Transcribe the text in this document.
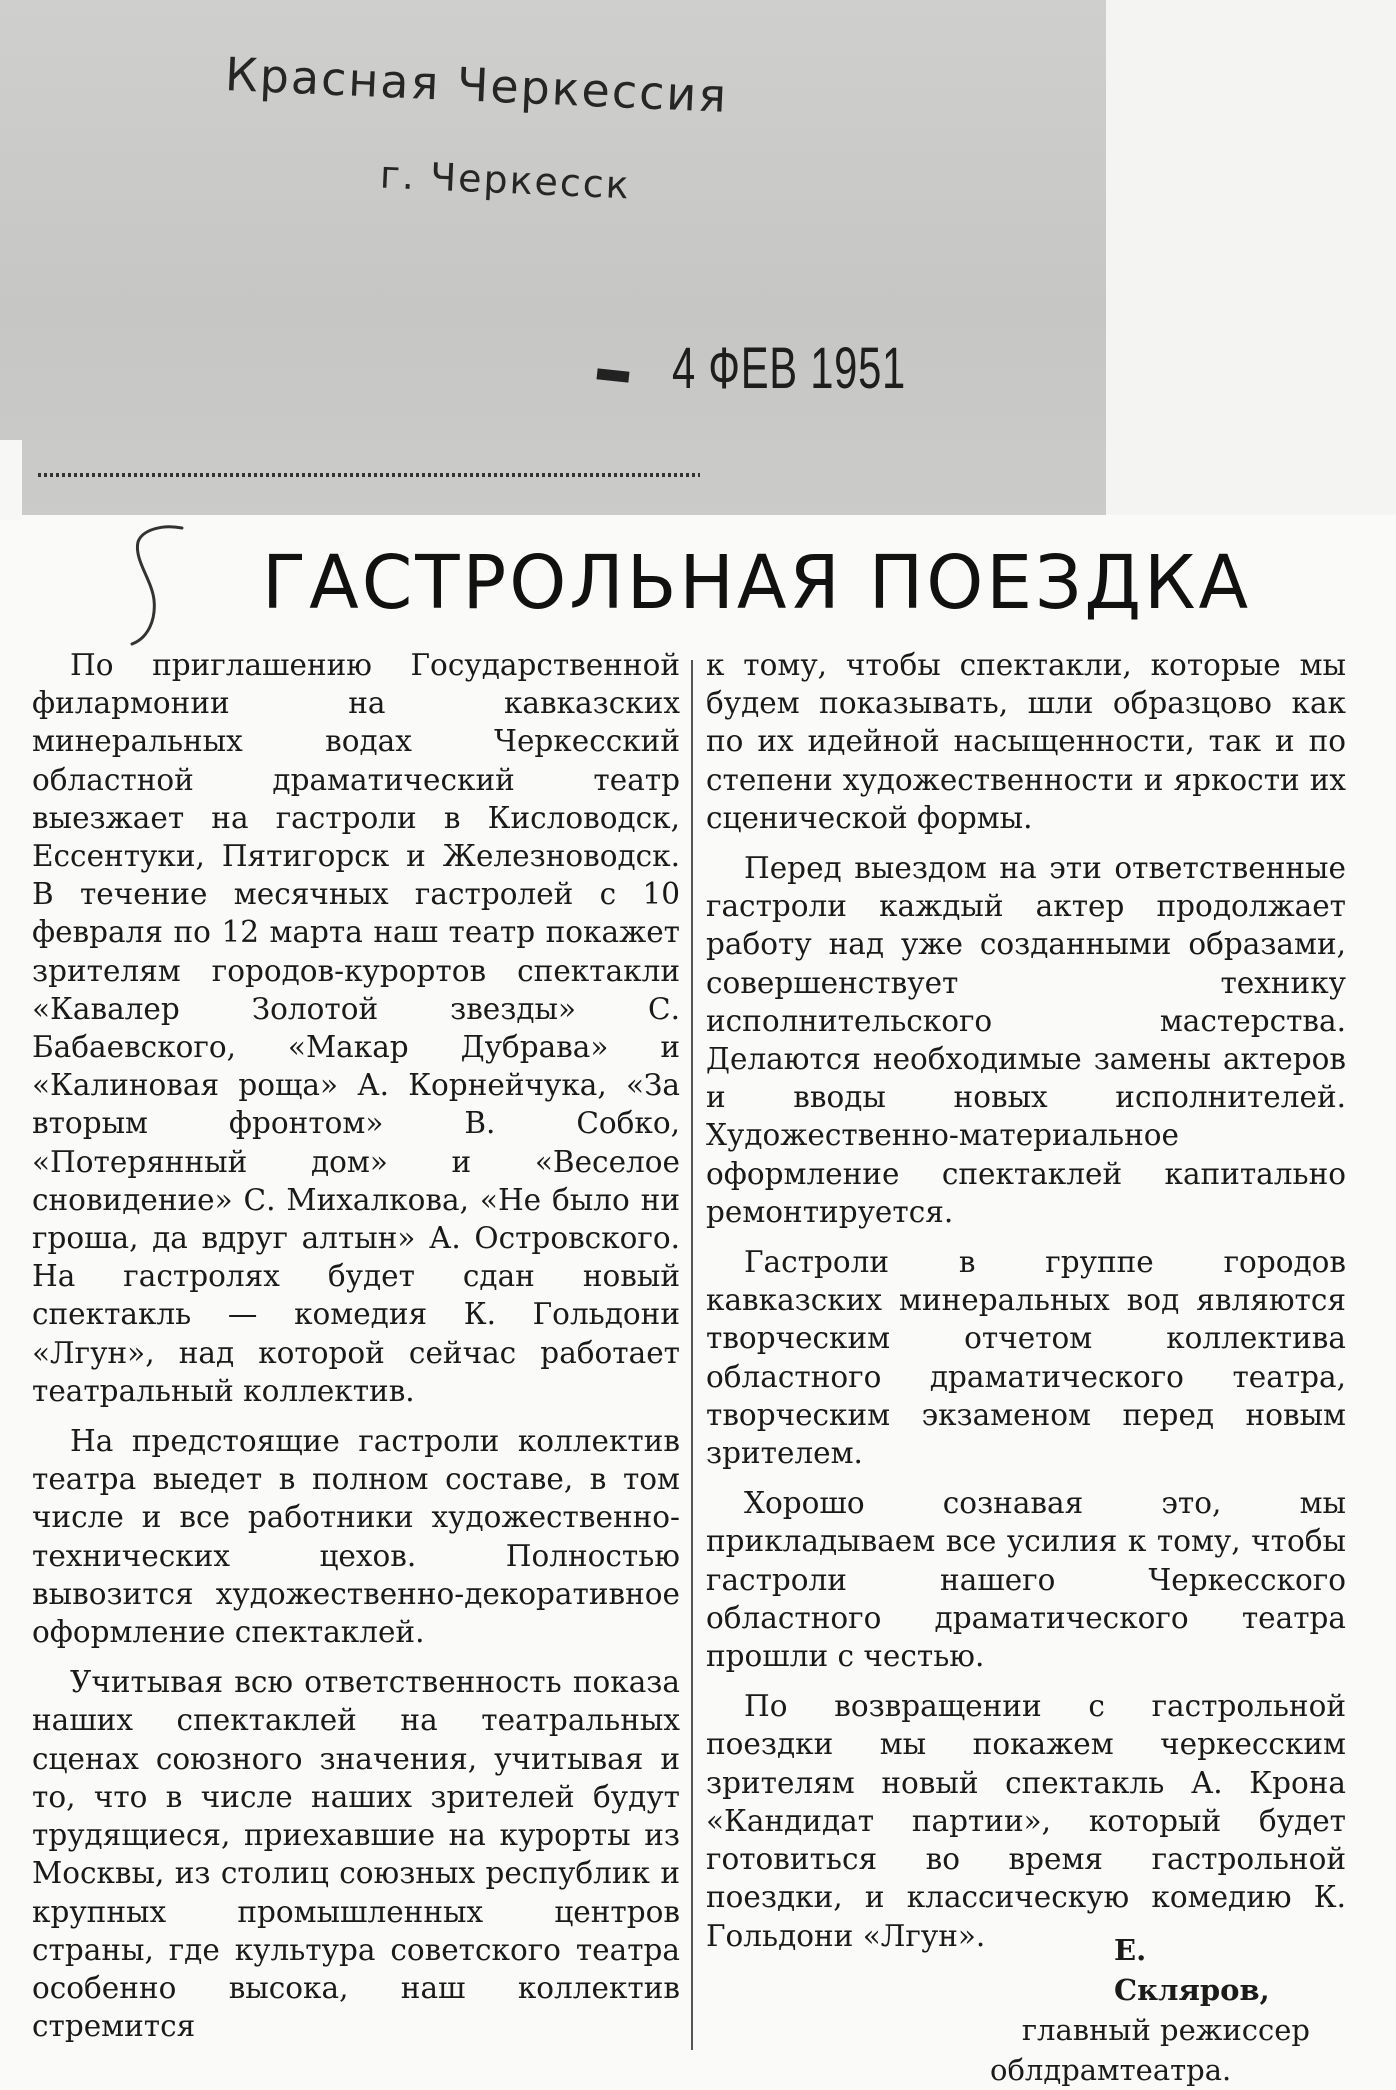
Красная Черкессия
г. Черкесск
4 ФЕВ 1951
ГАСТРОЛЬНАЯ ПОЕЗДКА

По приглашению Государственной филармонии на кавказских минеральных водах Черкесский областной драматический театр выезжает на гастроли в Кисловодск, Ессентуки, Пятигорск и Железноводск. В течение месячных гастролей с 10 февраля по 12 марта наш театр покажет зрителям городов-курортов спектакли «Кавалер Золотой звезды» С. Бабаевского, «Макар Дубрава» и «Калиновая роща» А. Корнейчука, «За вторым фронтом» В. Собко, «Потерянный дом» и «Веселое сновидение» С. Михалкова, «Не было ни гроша, да вдруг алтын» А. Островского. На гастролях будет сдан новый спектакль — комедия К. Гольдони «Лгун», над которой сейчас работает театральный коллектив.

На предстоящие гастроли коллектив театра выедет в полном составе, в том числе и все работники художественно-технических цехов. Полностью вывозится художественно-декоративное оформление спектаклей.

Учитывая всю ответственность показа наших спектаклей на театральных сценах союзного значения, учитывая и то, что в числе наших зрителей будут трудящиеся, приехавшие на курорты из Москвы, из столиц союзных республик и крупных промышленных центров страны, где культура советского театра особенно высока, наш коллектив стремится

к тому, чтобы спектакли, которые мы будем показывать, шли образцово как по их идейной насыщенности, так и по степени художественности и яркости их сценической формы.

Перед выездом на эти ответственные гастроли каждый актер продолжает работу над уже созданными образами, совершенствует технику исполнительского мастерства. Делаются необходимые замены актеров и вводы новых исполнителей. Художественно-материальное оформление спектаклей капитально ремонтируется.

Гастроли в группе городов кавказских минеральных вод являются творческим отчетом коллектива областного драматического театра, творческим экзаменом перед новым зрителем.

Хорошо сознавая это, мы прикладываем все усилия к тому, чтобы гастроли нашего Черкесского областного драматического театра прошли с честью.

По возвращении с гастрольной поездки мы покажем черкесским зрителям новый спектакль А. Крона «Кандидат партии», который будет готовиться во время гастрольной поездки, и классическую комедию К. Гольдони «Лгун».	Е. Скляров,
главный режиссер
облдрамтеатра.
